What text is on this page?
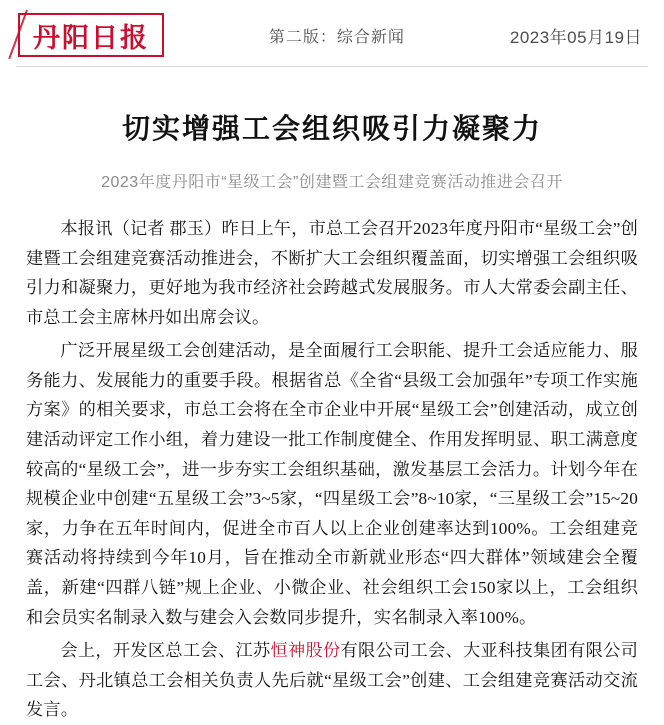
丹阳日报	第二版：综合新闻	2023年05月19日
切实增强工会组织吸引力凝聚力
2023年度丹阳市“星级工会”创建暨工会组建竞赛活动推进会召开

本报讯（记者 郡玉）昨日上午，市总工会召开2023年度丹阳市“星级工会”创建暨工会组建竞赛活动推进会，不断扩大工会组织覆盖面，切实增强工会组织吸引力和凝聚力，更好地为我市经济社会跨越式发展服务。市人大常委会副主任、市总工会主席林丹如出席会议。

广泛开展星级工会创建活动，是全面履行工会职能、提升工会适应能力、服务能力、发展能力的重要手段。根据省总《全省“县级工会加强年”专项工作实施方案》的相关要求，市总工会将在全市企业中开展“星级工会”创建活动，成立创建活动评定工作小组，着力建设一批工作制度健全、作用发挥明显、职工满意度较高的“星级工会”，进一步夯实工会组织基础，激发基层工会活力。计划今年在规模企业中创建“五星级工会”3~5家，“四星级工会”8~10家，“三星级工会”15~20家，力争在五年时间内，促进全市百人以上企业创建率达到100%。工会组建竞赛活动将持续到今年10月，旨在推动全市新就业形态“四大群体”领域建会全覆盖，新建“四群八链”规上企业、小微企业、社会组织工会150家以上，工会组织和会员实名制录入数与建会入会数同步提升，实名制录入率100%。

会上，开发区总工会、江苏恒神股份有限公司工会、大亚科技集团有限公司工会、丹北镇总工会相关负责人先后就“星级工会”创建、工会组建竞赛活动交流发言。
